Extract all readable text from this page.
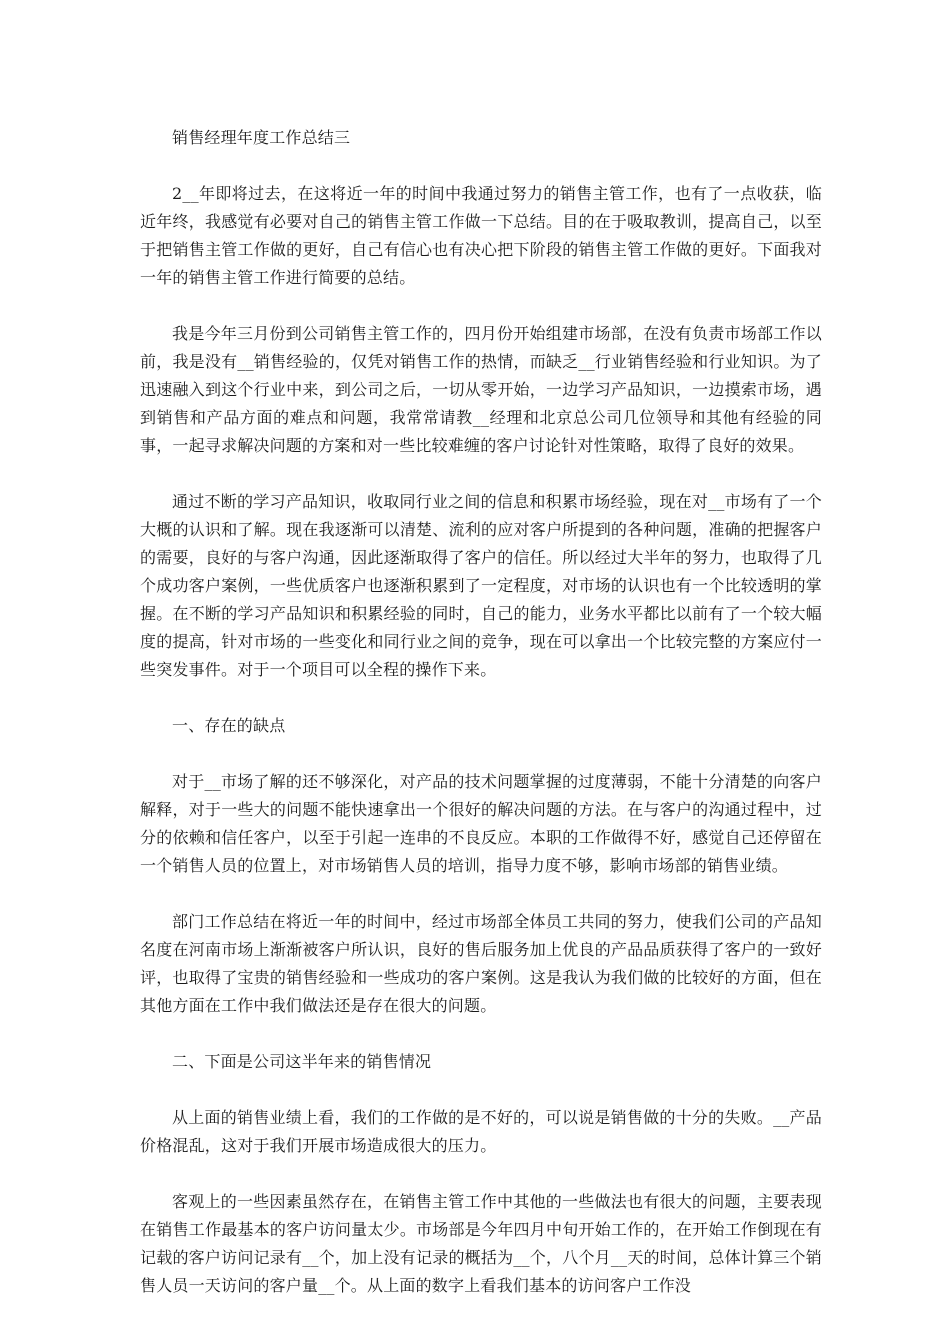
销售经理年度工作总结三

2__年即将过去，在这将近一年的时间中我通过努力的销售主管工作，也有了一点收获，临近年终，我感觉有必要对自己的销售主管工作做一下总结。目的在于吸取教训，提高自己，以至于把销售主管工作做的更好，自己有信心也有决心把下阶段的销售主管工作做的更好。下面我对一年的销售主管工作进行简要的总结。

我是今年三月份到公司销售主管工作的，四月份开始组建市场部，在没有负责市场部工作以前，我是没有__销售经验的，仅凭对销售工作的热情，而缺乏__行业销售经验和行业知识。为了迅速融入到这个行业中来，到公司之后，一切从零开始，一边学习产品知识，一边摸索市场，遇到销售和产品方面的难点和问题，我常常请教__经理和北京总公司几位领导和其他有经验的同事，一起寻求解决问题的方案和对一些比较难缠的客户讨论针对性策略，取得了良好的效果。

通过不断的学习产品知识，收取同行业之间的信息和积累市场经验，现在对__市场有了一个大概的认识和了解。现在我逐渐可以清楚、流利的应对客户所提到的各种问题，准确的把握客户的需要，良好的与客户沟通，因此逐渐取得了客户的信任。所以经过大半年的努力，也取得了几个成功客户案例，一些优质客户也逐渐积累到了一定程度，对市场的认识也有一个比较透明的掌握。在不断的学习产品知识和积累经验的同时，自己的能力，业务水平都比以前有了一个较大幅度的提高，针对市场的一些变化和同行业之间的竞争，现在可以拿出一个比较完整的方案应付一些突发事件。对于一个项目可以全程的操作下来。

一、存在的缺点

对于__市场了解的还不够深化，对产品的技术问题掌握的过度薄弱，不能十分清楚的向客户解释，对于一些大的问题不能快速拿出一个很好的解决问题的方法。在与客户的沟通过程中，过分的依赖和信任客户，以至于引起一连串的不良反应。本职的工作做得不好，感觉自己还停留在一个销售人员的位置上，对市场销售人员的培训，指导力度不够，影响市场部的销售业绩。

部门工作总结在将近一年的时间中，经过市场部全体员工共同的努力，使我们公司的产品知名度在河南市场上渐渐被客户所认识，良好的售后服务加上优良的产品品质获得了客户的一致好评，也取得了宝贵的销售经验和一些成功的客户案例。这是我认为我们做的比较好的方面，但在其他方面在工作中我们做法还是存在很大的问题。

二、下面是公司这半年来的销售情况

从上面的销售业绩上看，我们的工作做的是不好的，可以说是销售做的十分的失败。__产品价格混乱，这对于我们开展市场造成很大的压力。

客观上的一些因素虽然存在，在销售主管工作中其他的一些做法也有很大的问题，主要表现在销售工作最基本的客户访问量太少。市场部是今年四月中旬开始工作的，在开始工作倒现在有记载的客户访问记录有__个，加上没有记录的概括为__个，八个月__天的时间，总体计算三个销售人员一天访问的客户量__个。从上面的数字上看我们基本的访问客户工作没
